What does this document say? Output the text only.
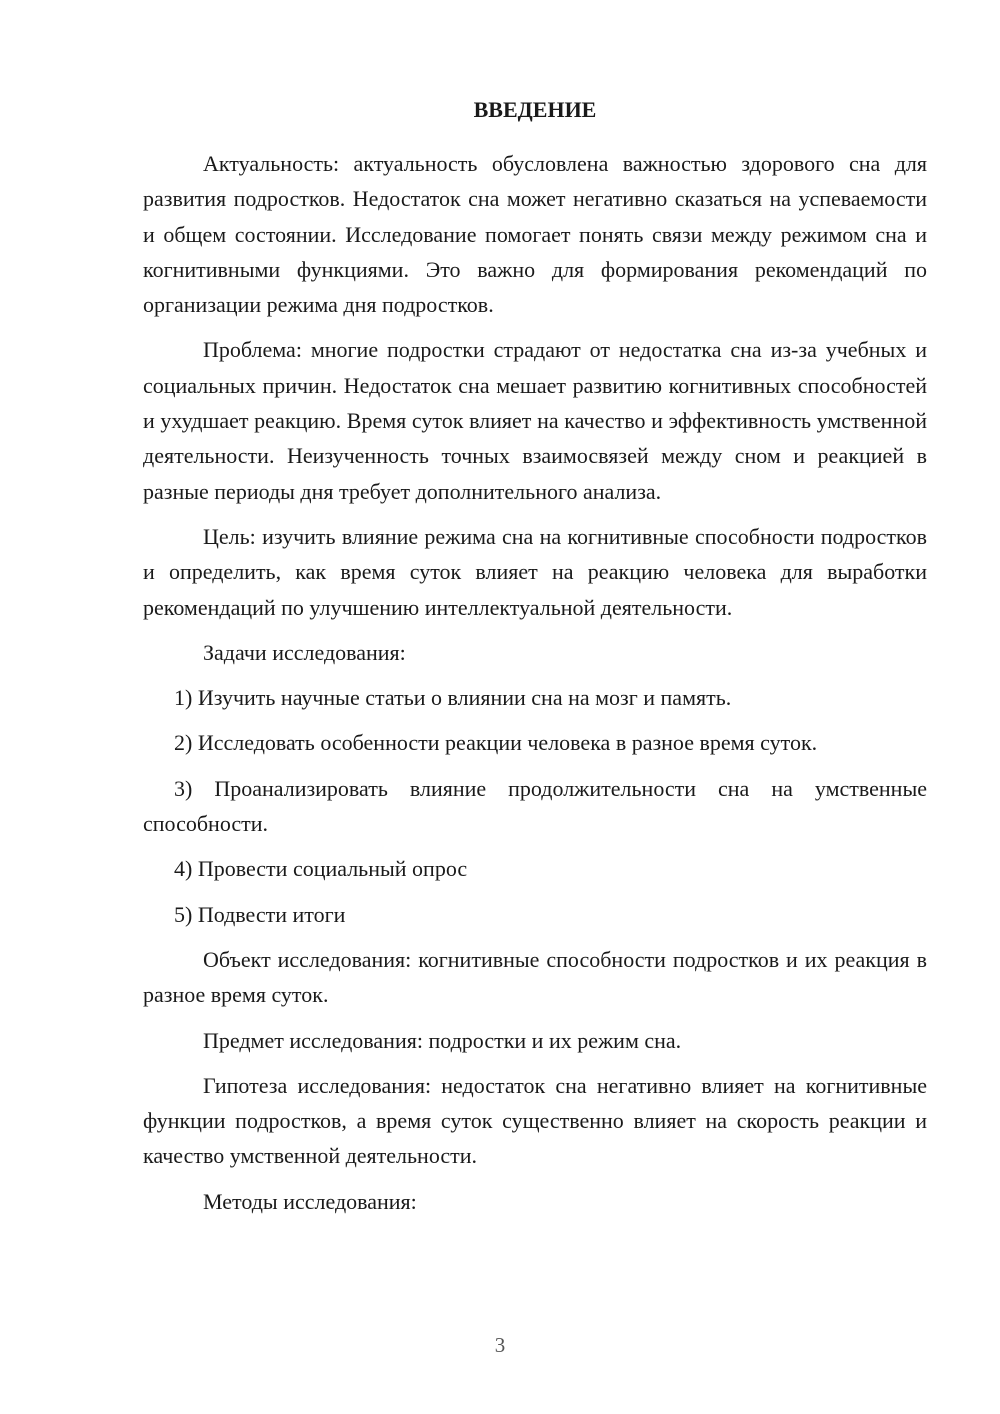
ВВЕДЕНИЕ

Актуальность: актуальность обусловлена важностью здорового сна для развития подростков. Недостаток сна может негативно сказаться на успеваемости и общем состоянии. Исследование помогает понять связи между режимом сна и когнитивными функциями. Это важно для формирования рекомендаций по организации режима дня подростков.

Проблема: многие подростки страдают от недостатка сна из-за учебных и социальных причин. Недостаток сна мешает развитию когнитивных способностей и ухудшает реакцию. Время суток влияет на качество и эффективность умственной деятельности. Неизученность точных взаимосвязей между сном и реакцией в разные периоды дня требует дополнительного анализа.

Цель: изучить влияние режима сна на когнитивные способности подростков и определить, как время суток влияет на реакцию человека для выработки рекомендаций по улучшению интеллектуальной деятельности.

Задачи исследования:

1) Изучить научные статьи о влиянии сна на мозг и память.

2) Исследовать особенности реакции человека в разное время суток.

3) Проанализировать влияние продолжительности сна на умственные способности.

4) Провести социальный опрос

5) Подвести итоги

Объект исследования: когнитивные способности подростков и их реакция в разное время суток.

Предмет исследования: подростки и их режим сна.

Гипотеза исследования: недостаток сна негативно влияет на когнитивные функции подростков, а время суток существенно влияет на скорость реакции и качество умственной деятельности.

Методы исследования:

3
